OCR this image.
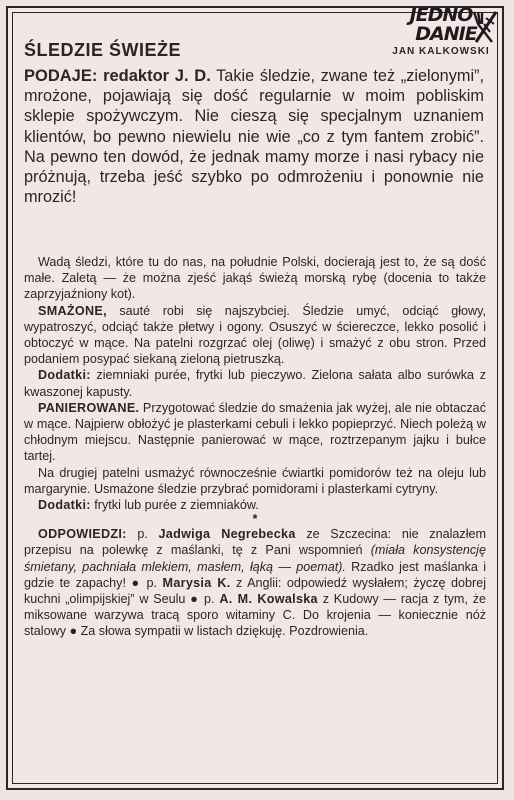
JEDNO
DANIE
JAN KALKOWSKI
ŚLEDZIE ŚWIEŻE
PODAJE: redaktor J. D. Takie śledzie, zwane też „zielonymi”, mrożone, pojawiają się dość regularnie w moim pobliskim sklepie spożywczym. Nie cieszą się specjalnym uznaniem klientów, bo pewno niewielu nie wie „co z tym fantem zrobić”. Na pewno ten dowód, że jednak mamy morze i nasi rybacy nie próżnują, trzeba jeść szybko po odmrożeniu i ponownie nie mrozić!

Wadą śledzi, które tu do nas, na południe Polski, docierają jest to, że są dość małe. Zaletą — że można zjeść jakąś świeżą morską rybę (docenia to także zaprzyjaźniony kot).

SMAŻONE, sauté robi się najszybciej. Śledzie umyć, odciąć głowy, wypatroszyć, odciąć także płetwy i ogony. Osuszyć w ściereczce, lekko posolić i obtoczyć w mące. Na patelni rozgrzać olej (oliwę) i smażyć z obu stron. Przed podaniem posypać siekaną zieloną pietruszką.

Dodatki: ziemniaki purée, frytki lub pieczywo. Zielona sałata albo surówka z kwaszonej kapusty.

PANIEROWANE. Przygotować śledzie do smażenia jak wyżej, ale nie obtaczać w mące. Najpierw obłożyć je plasterkami cebuli i lekko popieprzyć. Niech poleżą w chłodnym miejscu. Następnie panierować w mące, roztrzepanym jajku i bułce tartej.

Na drugiej patelni usmażyć równocześnie ćwiartki pomidorów też na oleju lub margarynie. Usmażone śledzie przybrać pomidorami i plasterkami cytryny.

Dodatki: frytki lub purée z ziemniaków.

*

ODPOWIEDZI: p. Jadwiga Negrebecka ze Szczecina: nie znalazłem przepisu na polewkę z maślanki, tę z Pani wspomnień (miała konsystencję śmietany, pachniała mlekiem, masłem, łąką — poemat). Rzadko jest maślanka i gdzie te zapachy! ● p. Marysia K. z Anglii: odpowiedź wysłałem; życzę dobrej kuchni „olimpijskiej” w Seulu ● p. A. M. Kowalska z Kudowy — racja z tym, że miksowane warzywa tracą sporo witaminy C. Do krojenia — koniecznie nóż stalowy ● Za słowa sympatii w listach dziękuję. Pozdrowienia.
